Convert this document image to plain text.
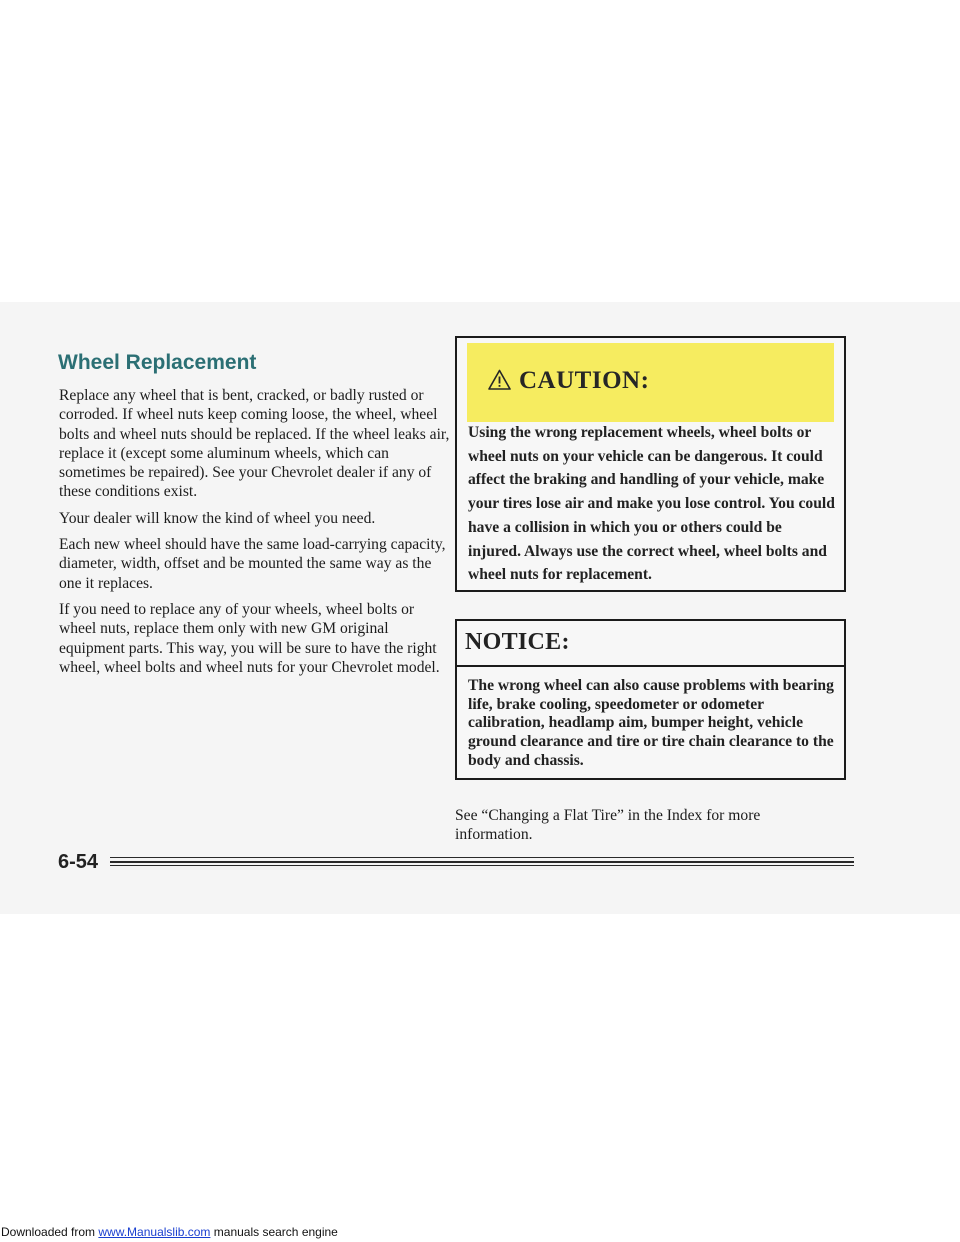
Wheel Replacement

Replace any wheel that is bent, cracked, or badly rusted or corroded. If wheel nuts keep coming loose, the wheel, wheel bolts and wheel nuts should be replaced. If the wheel leaks air, replace it (except some aluminum wheels, which can sometimes be repaired). See your Chevrolet dealer if any of these conditions exist.

Your dealer will know the kind of wheel you need.

Each new wheel should have the same load-carrying capacity, diameter, width, offset and be mounted the same way as the one it replaces.

If you need to replace any of your wheels, wheel bolts or wheel nuts, replace them only with new GM original equipment parts. This way, you will be sure to have the right wheel, wheel bolts and wheel nuts for your Chevrolet model.

CAUTION:

Using the wrong replacement wheels, wheel bolts or wheel nuts on your vehicle can be dangerous. It could affect the braking and handling of your vehicle, make your tires lose air and make you lose control. You could have a collision in which you or others could be injured. Always use the correct wheel, wheel bolts and wheel nuts for replacement.

NOTICE:

The wrong wheel can also cause problems with bearing life, brake cooling, speedometer or odometer calibration, headlamp aim, bumper height, vehicle ground clearance and tire or tire chain clearance to the body and chassis.

See “Changing a Flat Tire” in the Index for more information.

6-54
Downloaded from www.Manualslib.com manuals search engine
